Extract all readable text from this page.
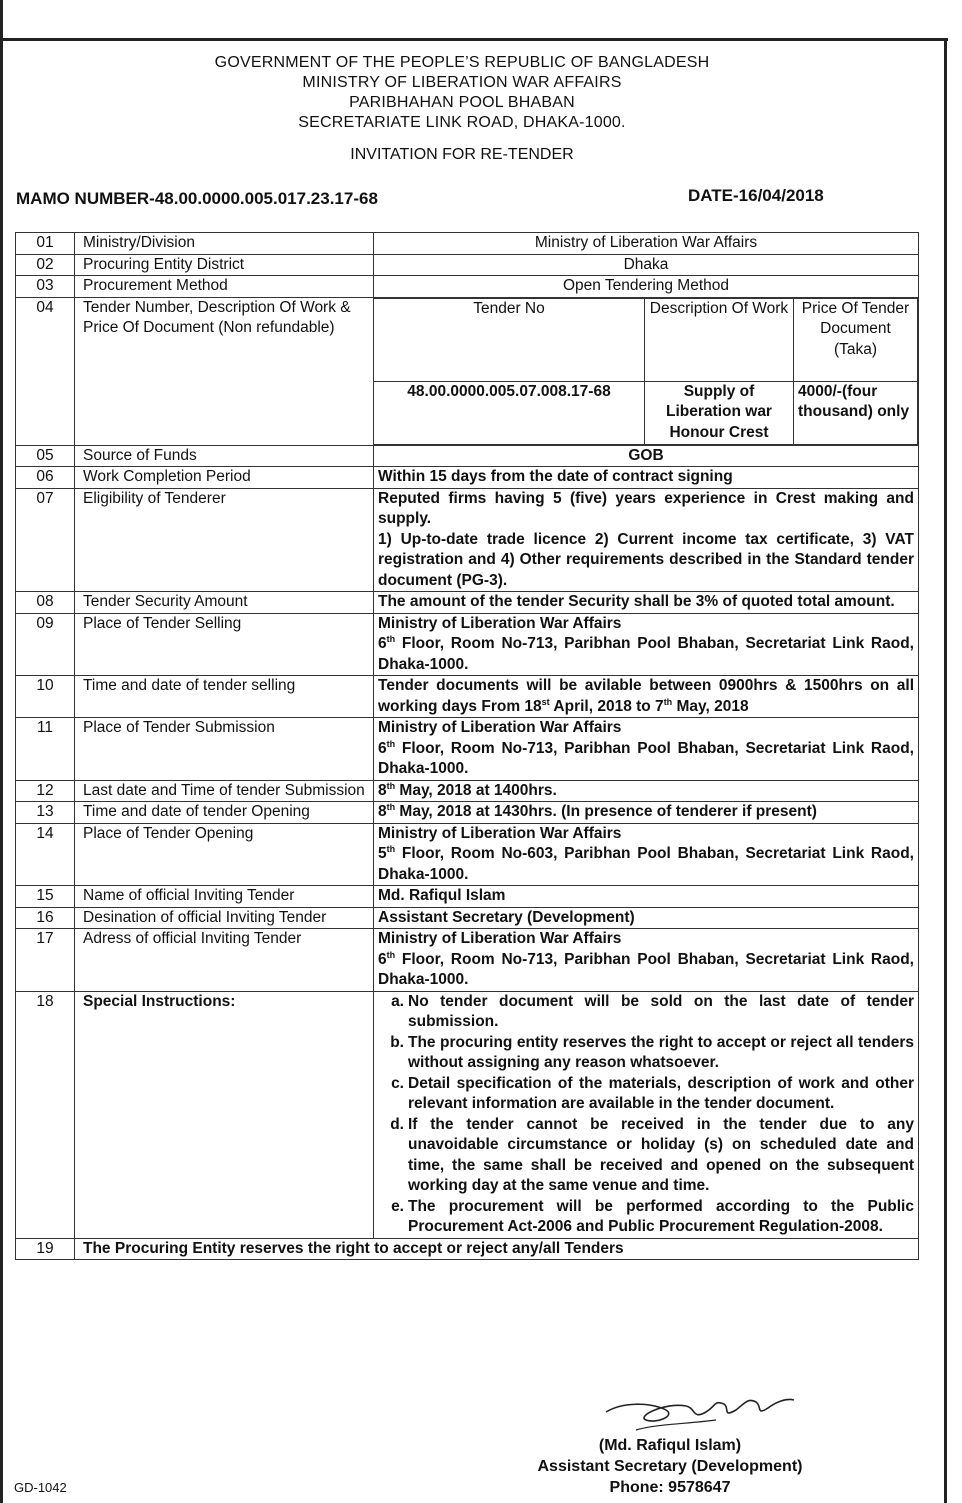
GOVERNMENT OF THE PEOPLE’S REPUBLIC OF BANGLADESH
MINISTRY OF LIBERATION WAR AFFAIRS
PARIBHAHAN POOL BHABAN
SECRETARIATE LINK ROAD, DHAKA-1000.
INVITATION FOR RE-TENDER
MAMO NUMBER-48.00.0000.005.017.23.17-68	DATE-16/04/2018
01	Ministry/Division	Ministry of Liberation War Affairs
02	Procuring Entity District	Dhaka
03	Procurement Method	Open Tendering Method
04	Tender Number, Description Of Work & Price Of Document (Non refundable)	
Tender No	Description Of Work	Price Of Tender Document (Taka)
48.00.0000.005.07.008.17-68	Supply of Liberation war Honour Crest	4000/-(four thousand) only

05	Source of Funds	GOB
06	Work Completion Period	Within 15 days from the date of contract signing
07	Eligibility of Tenderer	Reputed firms having 5 (five) years experience in Crest making and supply.
1) Up-to-date trade licence 2) Current income tax certificate, 3) VAT registration and 4) Other requirements described in the Standard tender document (PG-3).

08	Tender Security Amount	The amount of the tender Security shall be 3% of quoted total amount.
09	Place of Tender Selling	Ministry of Liberation War Affairs
6th Floor, Room No-713, Paribhan Pool Bhaban, Secretariat Link Raod, Dhaka-1000.

10	Time and date of tender selling	Tender documents will be avilable between 0900hrs & 1500hrs on all working days From 18st April, 2018 to 7th May, 2018
11	Place of Tender Submission	Ministry of Liberation War Affairs
6th Floor, Room No-713, Paribhan Pool Bhaban, Secretariat Link Raod, Dhaka-1000.

12	Last date and Time of tender Submission	8th May, 2018 at 1400hrs.
13	Time and date of tender Opening	8th May, 2018 at 1430hrs. (In presence of tenderer if present)
14	Place of Tender Opening	Ministry of Liberation War Affairs
5th Floor, Room No-603, Paribhan Pool Bhaban, Secretariat Link Raod, Dhaka-1000.

15	Name of official Inviting Tender	Md. Rafiqul Islam
16	Desination of official Inviting Tender	Assistant Secretary (Development)
17	Adress of official Inviting Tender	Ministry of Liberation War Affairs
6th Floor, Room No-713, Paribhan Pool Bhaban, Secretariat Link Raod, Dhaka-1000.

18	Special Instructions:	a. No tender document will be sold on the last date of tender submission.
b. The procuring entity reserves the right to accept or reject all tenders without assigning any reason whatsoever.
c. Detail specification of the materials, description of work and other relevant information are available in the tender document.
d. If the tender cannot be received in the tender due to any unavoidable circumstance or holiday (s) on scheduled date and time, the same shall be received and opened on the subsequent working day at the same venue and time.
e. The procurement will be performed according to the Public Procurement Act-2006 and Public Procurement Regulation-2008.

19	The Procuring Entity reserves the right to accept or reject any/all Tenders
(Md. Rafiqul Islam)
Assistant Secretary (Development)
Phone: 9578647
GD-1042
